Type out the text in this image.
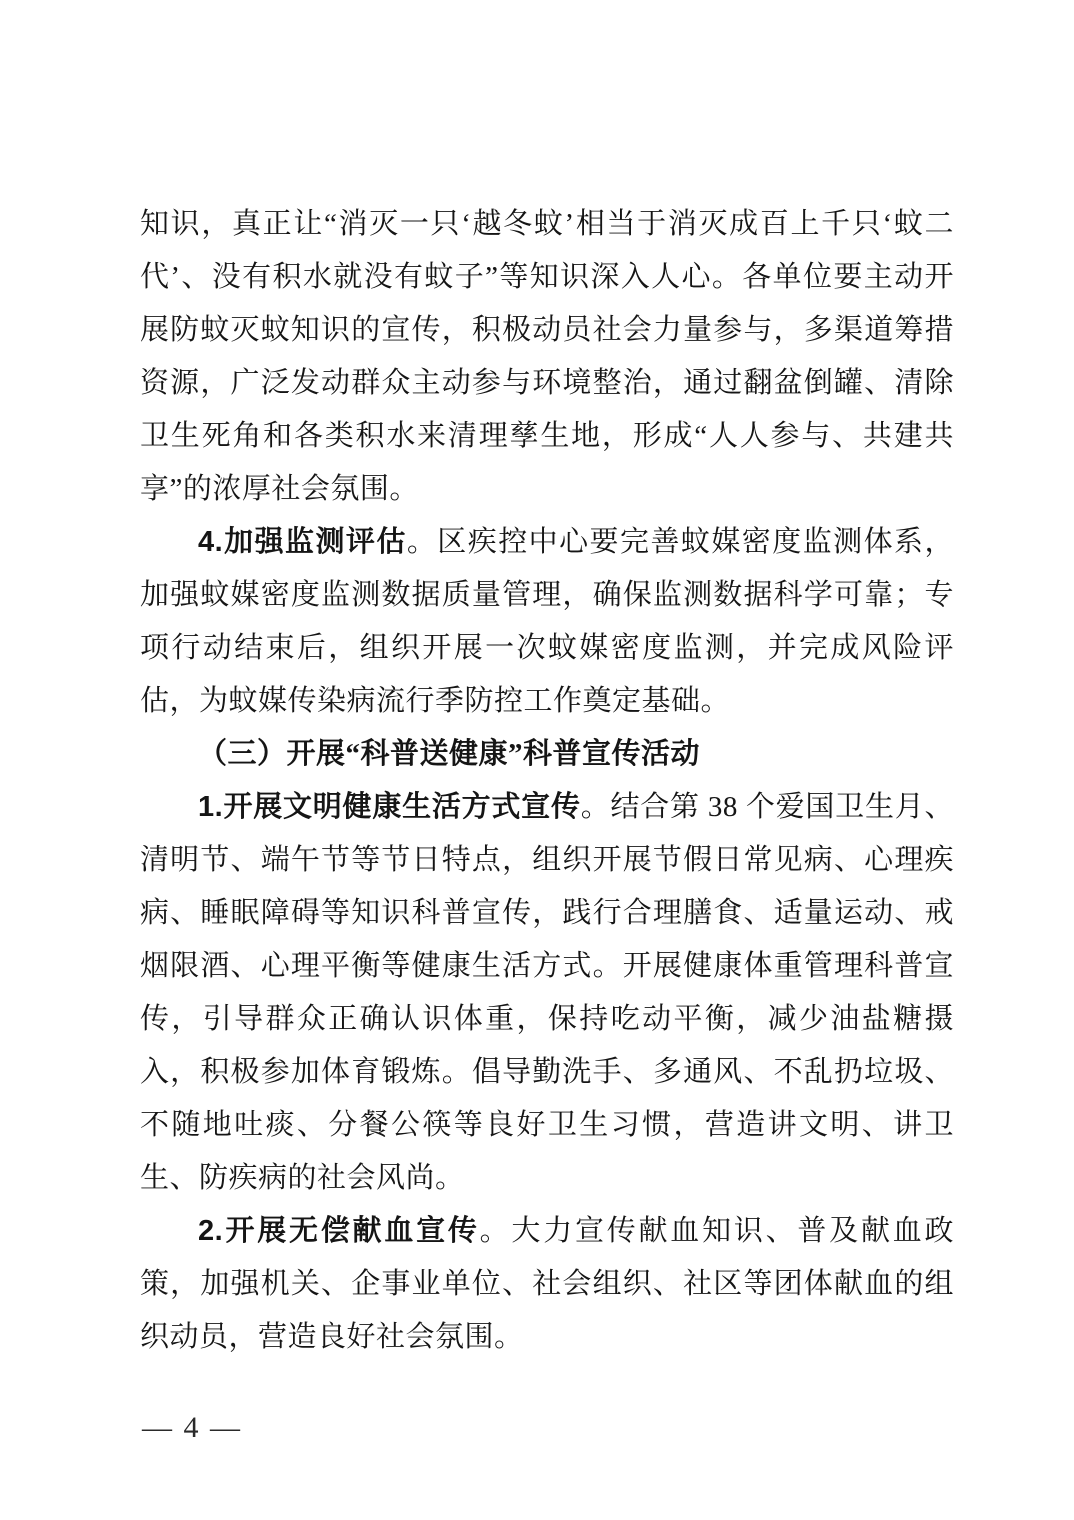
知识，真正让“消灭一只‘越冬蚊’相当于消灭成百上千只‘蚊二代’、没有积水就没有蚊子”等知识深入人心。各单位要主动开展防蚊灭蚊知识的宣传，积极动员社会力量参与，多渠道筹措资源，广泛发动群众主动参与环境整治，通过翻盆倒罐、清除卫生死角和各类积水来清理孳生地，形成“人人参与、共建共享”的浓厚社会氛围。

4.加强监测评估。区疾控中心要完善蚊媒密度监测体系，加强蚊媒密度监测数据质量管理，确保监测数据科学可靠；专项行动结束后，组织开展一次蚊媒密度监测，并完成风险评估，为蚊媒传染病流行季防控工作奠定基础。

（三）开展“科普送健康”科普宣传活动

1.开展文明健康生活方式宣传。结合第 38 个爱国卫生月、清明节、端午节等节日特点，组织开展节假日常见病、心理疾病、睡眠障碍等知识科普宣传，践行合理膳食、适量运动、戒烟限酒、心理平衡等健康生活方式。开展健康体重管理科普宣传，引导群众正确认识体重，保持吃动平衡，减少油盐糖摄入，积极参加体育锻炼。倡导勤洗手、多通风、不乱扔垃圾、不随地吐痰、分餐公筷等良好卫生习惯，营造讲文明、讲卫生、防疾病的社会风尚。

2.开展无偿献血宣传。大力宣传献血知识、普及献血政策，加强机关、企事业单位、社会组织、社区等团体献血的组织动员，营造良好社会氛围。

— 4 —
